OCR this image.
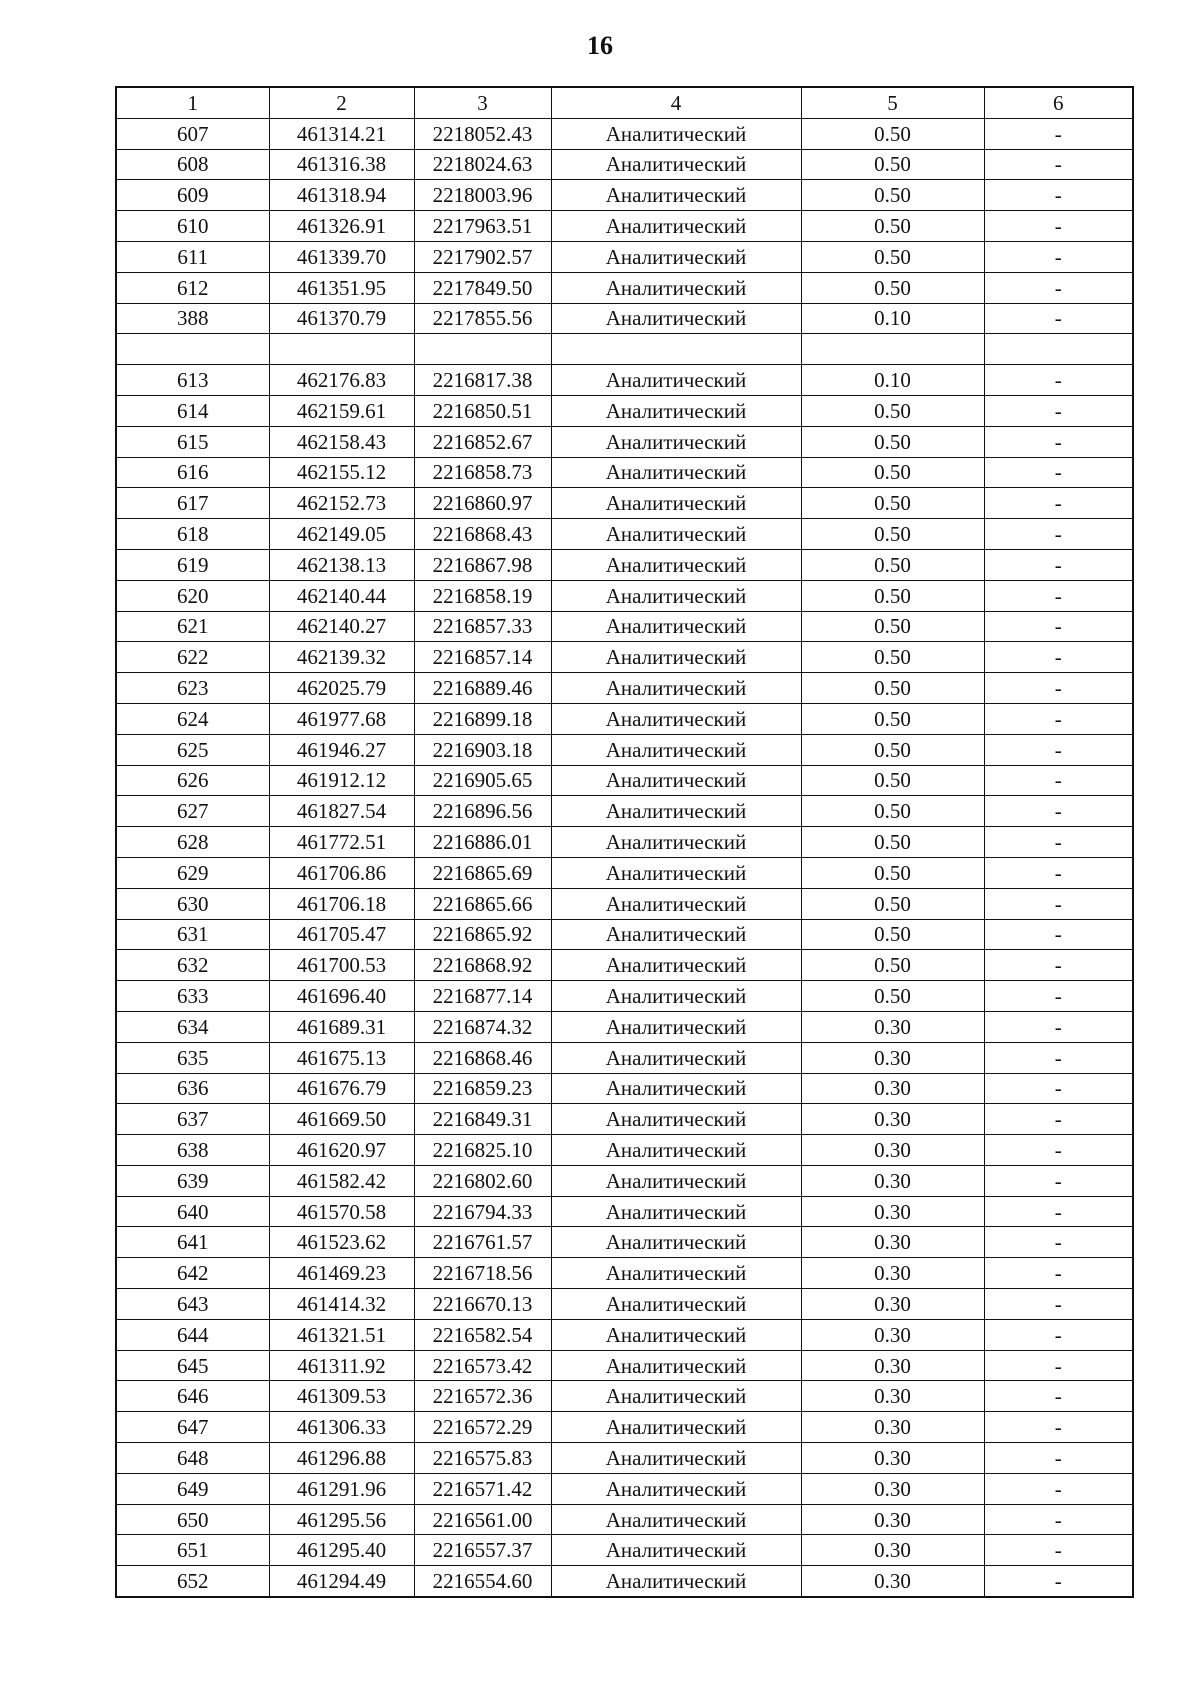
16
1	2	3	4	5	6
607	461314.21	2218052.43	Аналитический	0.50	-
608	461316.38	2218024.63	Аналитический	0.50	-
609	461318.94	2218003.96	Аналитический	0.50	-
610	461326.91	2217963.51	Аналитический	0.50	-
611	461339.70	2217902.57	Аналитический	0.50	-
612	461351.95	2217849.50	Аналитический	0.50	-
388	461370.79	2217855.56	Аналитический	0.10	-

613	462176.83	2216817.38	Аналитический	0.10	-
614	462159.61	2216850.51	Аналитический	0.50	-
615	462158.43	2216852.67	Аналитический	0.50	-
616	462155.12	2216858.73	Аналитический	0.50	-
617	462152.73	2216860.97	Аналитический	0.50	-
618	462149.05	2216868.43	Аналитический	0.50	-
619	462138.13	2216867.98	Аналитический	0.50	-
620	462140.44	2216858.19	Аналитический	0.50	-
621	462140.27	2216857.33	Аналитический	0.50	-
622	462139.32	2216857.14	Аналитический	0.50	-
623	462025.79	2216889.46	Аналитический	0.50	-
624	461977.68	2216899.18	Аналитический	0.50	-
625	461946.27	2216903.18	Аналитический	0.50	-
626	461912.12	2216905.65	Аналитический	0.50	-
627	461827.54	2216896.56	Аналитический	0.50	-
628	461772.51	2216886.01	Аналитический	0.50	-
629	461706.86	2216865.69	Аналитический	0.50	-
630	461706.18	2216865.66	Аналитический	0.50	-
631	461705.47	2216865.92	Аналитический	0.50	-
632	461700.53	2216868.92	Аналитический	0.50	-
633	461696.40	2216877.14	Аналитический	0.50	-
634	461689.31	2216874.32	Аналитический	0.30	-
635	461675.13	2216868.46	Аналитический	0.30	-
636	461676.79	2216859.23	Аналитический	0.30	-
637	461669.50	2216849.31	Аналитический	0.30	-
638	461620.97	2216825.10	Аналитический	0.30	-
639	461582.42	2216802.60	Аналитический	0.30	-
640	461570.58	2216794.33	Аналитический	0.30	-
641	461523.62	2216761.57	Аналитический	0.30	-
642	461469.23	2216718.56	Аналитический	0.30	-
643	461414.32	2216670.13	Аналитический	0.30	-
644	461321.51	2216582.54	Аналитический	0.30	-
645	461311.92	2216573.42	Аналитический	0.30	-
646	461309.53	2216572.36	Аналитический	0.30	-
647	461306.33	2216572.29	Аналитический	0.30	-
648	461296.88	2216575.83	Аналитический	0.30	-
649	461291.96	2216571.42	Аналитический	0.30	-
650	461295.56	2216561.00	Аналитический	0.30	-
651	461295.40	2216557.37	Аналитический	0.30	-
652	461294.49	2216554.60	Аналитический	0.30	-
